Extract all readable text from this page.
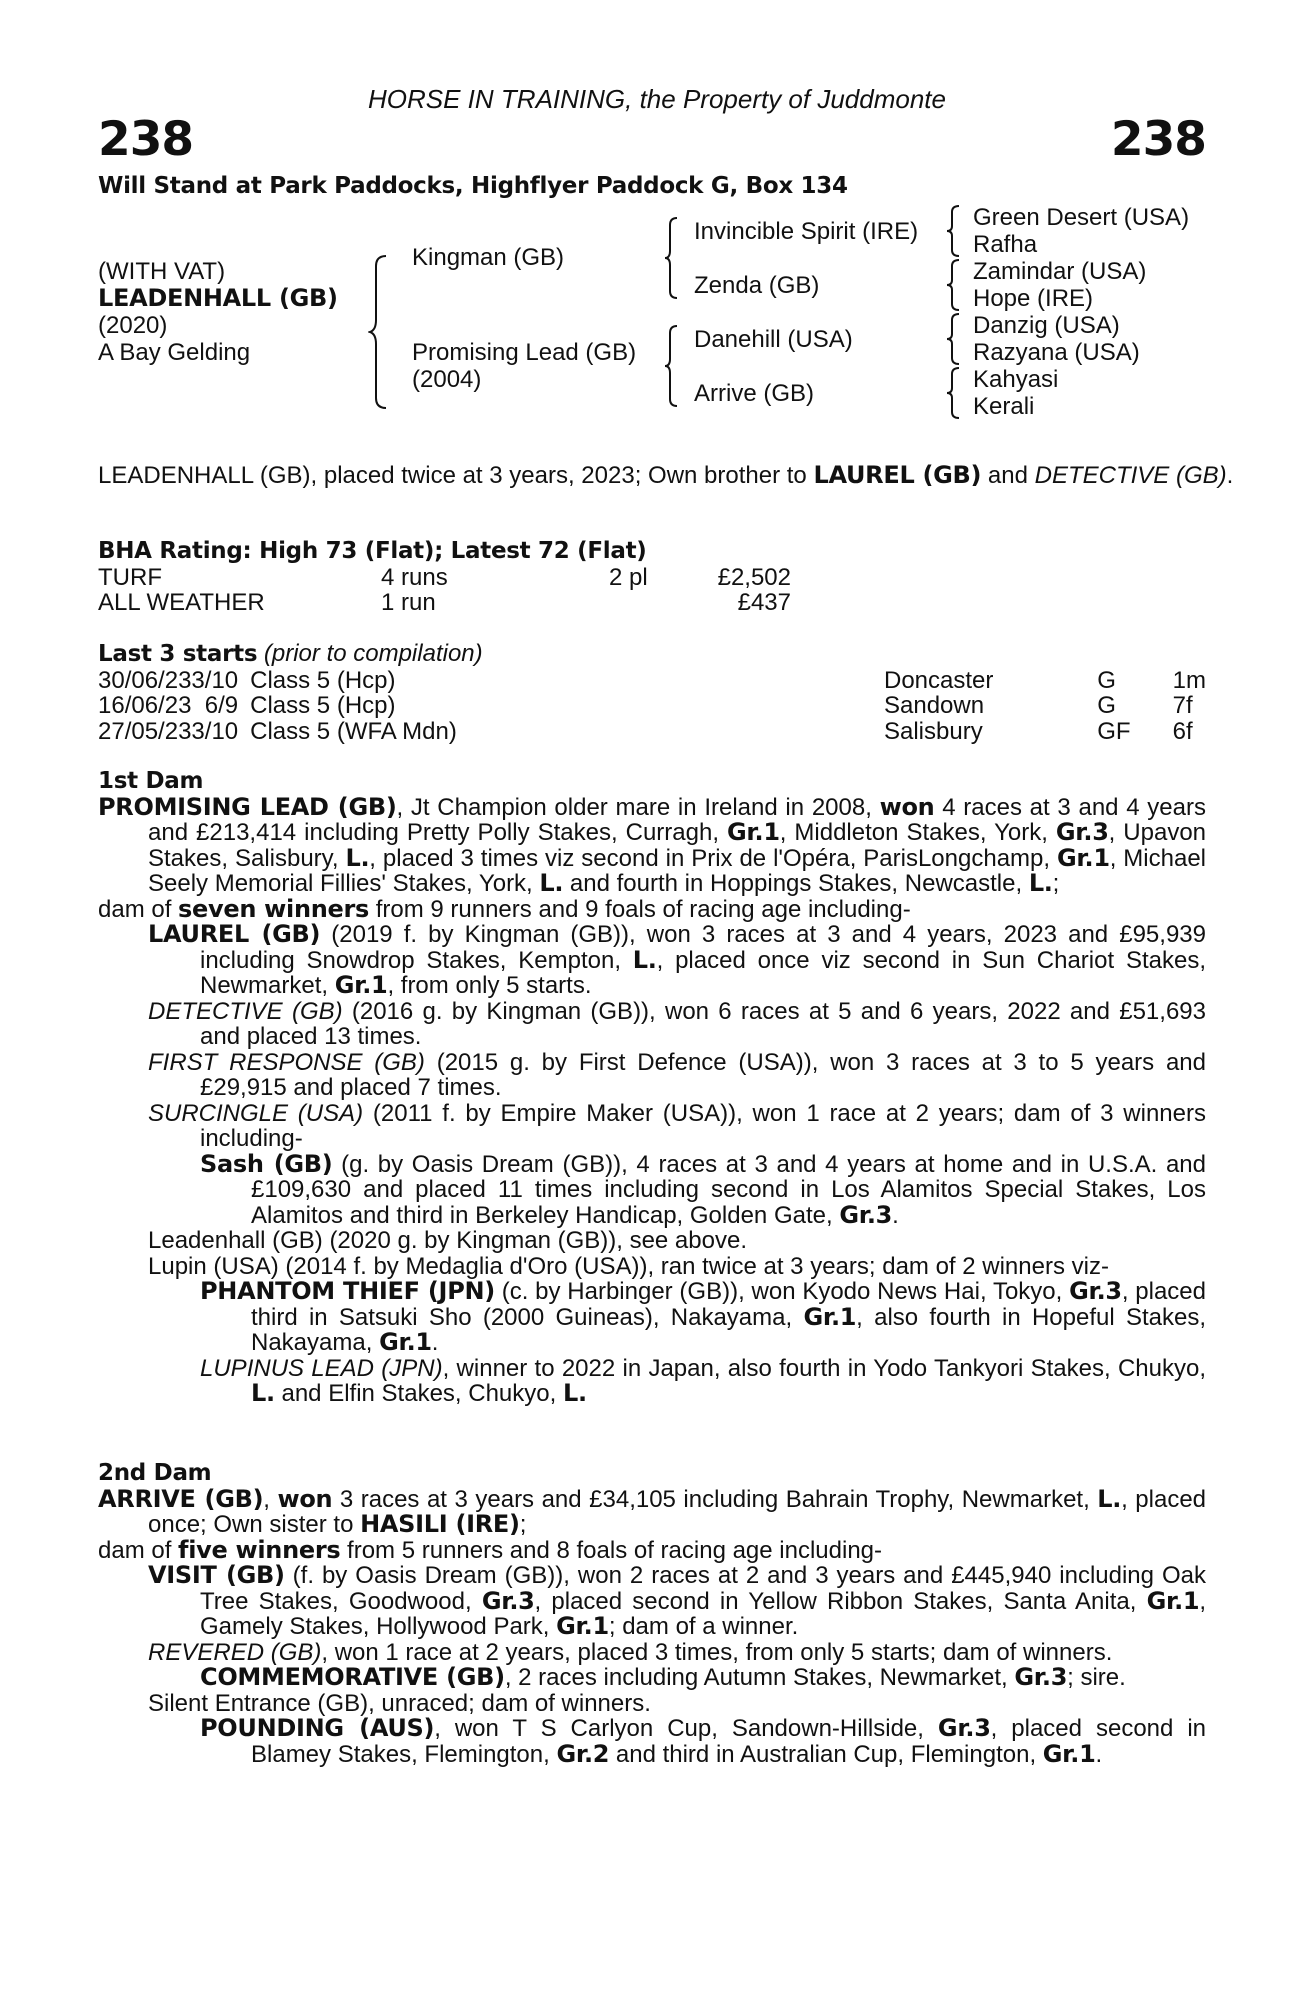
HORSE IN TRAINING, the Property of Juddmonte
238	238
Will Stand at Park Paddocks, Highflyer Paddock G, Box 134
(WITH VAT)
LEADENHALL (GB)
(2020)
A Bay Gelding
Kingman (GB)
Promising Lead (GB)
(2004)
Invincible Spirit (IRE)
Zenda (GB)
Danehill (USA)
Arrive (GB)
Green Desert (USA)
Rafha
Zamindar (USA)
Hope (IRE)
Danzig (USA)
Razyana (USA)
Kahyasi
Kerali
LEADENHALL (GB), placed twice at 3 years, 2023; Own brother to LAUREL (GB) and DETECTIVE (GB).
BHA Rating: High 73 (Flat); Latest 72 (Flat)
TURF	4 runs	2 pl	£2,502
ALL WEATHER	1 run		£437
Last 3 starts (prior to compilation)
30/06/23	3/10		Class 5 (Hcp)	Doncaster	G	1m
16/06/23	6/9		Class 5 (Hcp)	Sandown	G	7f
27/05/23	3/10		Class 5 (WFA Mdn)	Salisbury	GF	6f
1st Dam
PROMISING LEAD (GB), Jt Champion older mare in Ireland in 2008, won 4 races at 3 and 4 years and £213,414 including Pretty Polly Stakes, Curragh, Gr.1, Middleton Stakes, York, Gr.3, Upavon Stakes, Salisbury, L., placed 3 times viz second in Prix de l'Opéra, ParisLongchamp, Gr.1, Michael Seely Memorial Fillies' Stakes, York, L. and fourth in Hoppings Stakes, Newcastle, L.;
dam of seven winners from 9 runners and 9 foals of racing age including-
LAUREL (GB) (2019 f. by Kingman (GB)), won 3 races at 3 and 4 years, 2023 and £95,939 including Snowdrop Stakes, Kempton, L., placed once viz second in Sun Chariot Stakes, Newmarket, Gr.1, from only 5 starts.
DETECTIVE (GB) (2016 g. by Kingman (GB)), won 6 races at 5 and 6 years, 2022 and £51,693 and placed 13 times.
FIRST RESPONSE (GB) (2015 g. by First Defence (USA)), won 3 races at 3 to 5 years and £29,915 and placed 7 times.
SURCINGLE (USA) (2011 f. by Empire Maker (USA)), won 1 race at 2 years; dam of 3 winners including-
Sash (GB) (g. by Oasis Dream (GB)), 4 races at 3 and 4 years at home and in U.S.A. and £109,630 and placed 11 times including second in Los Alamitos Special Stakes, Los Alamitos and third in Berkeley Handicap, Golden Gate, Gr.3.
Leadenhall (GB) (2020 g. by Kingman (GB)), see above.
Lupin (USA) (2014 f. by Medaglia d'Oro (USA)), ran twice at 3 years; dam of 2 winners viz-
PHANTOM THIEF (JPN) (c. by Harbinger (GB)), won Kyodo News Hai, Tokyo, Gr.3, placed third in Satsuki Sho (2000 Guineas), Nakayama, Gr.1, also fourth in Hopeful Stakes, Nakayama, Gr.1.
LUPINUS LEAD (JPN), winner to 2022 in Japan, also fourth in Yodo Tankyori Stakes, Chukyo, L. and Elfin Stakes, Chukyo, L.
2nd Dam
ARRIVE (GB), won 3 races at 3 years and £34,105 including Bahrain Trophy, Newmarket, L., placed once; Own sister to HASILI (IRE);
dam of five winners from 5 runners and 8 foals of racing age including-
VISIT (GB) (f. by Oasis Dream (GB)), won 2 races at 2 and 3 years and £445,940 including Oak Tree Stakes, Goodwood, Gr.3, placed second in Yellow Ribbon Stakes, Santa Anita, Gr.1, Gamely Stakes, Hollywood Park, Gr.1; dam of a winner.
REVERED (GB), won 1 race at 2 years, placed 3 times, from only 5 starts; dam of winners.
COMMEMORATIVE (GB), 2 races including Autumn Stakes, Newmarket, Gr.3; sire.
Silent Entrance (GB), unraced; dam of winners.
POUNDING (AUS), won T S Carlyon Cup, Sandown-Hillside, Gr.3, placed second in Blamey Stakes, Flemington, Gr.2 and third in Australian Cup, Flemington, Gr.1.
